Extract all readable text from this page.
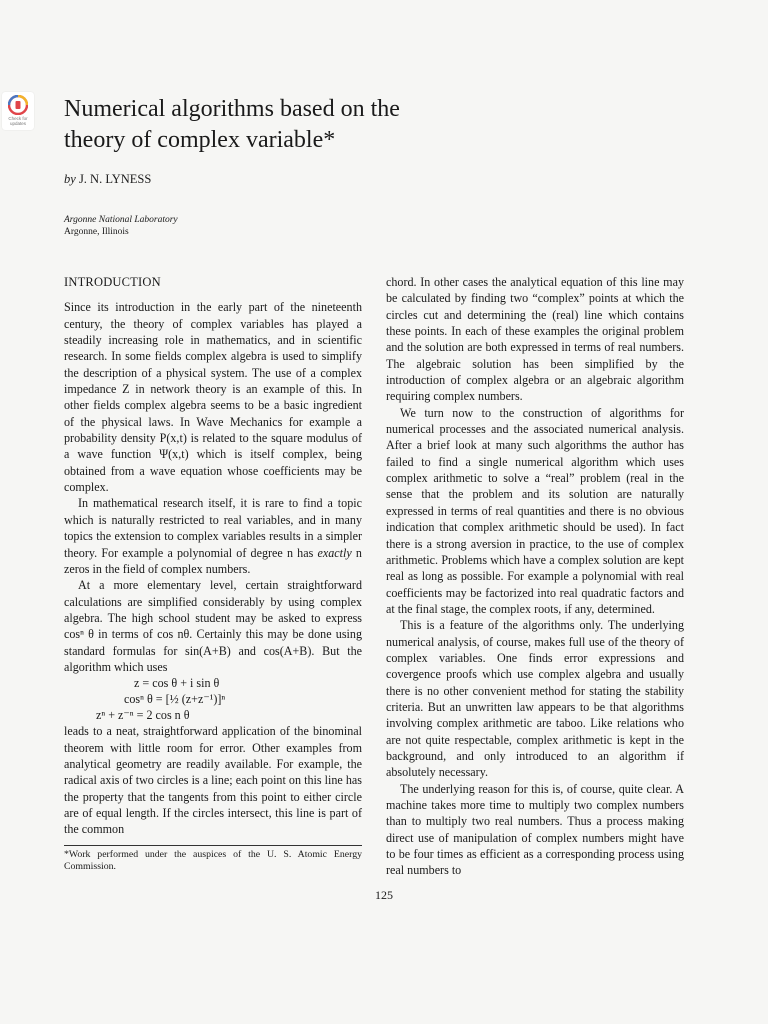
Check for updates
Numerical algorithms based on the theory of complex variable*
by J. N. LYNESS
Argonne National Laboratory
Argonne, Illinois
INTRODUCTION

Since its introduction in the early part of the nineteenth century, the theory of complex variables has played a steadily increasing role in mathematics, and in scientific research. In some fields complex algebra is used to simplify the description of a physical system. The use of a complex impedance Z in network theory is an example of this. In other fields complex algebra seems to be a basic ingredient of the physical laws. In Wave Mechanics for example a probability density P(x,t) is related to the square modulus of a wave function Ψ(x,t) which is itself complex, being obtained from a wave equation whose coefficients may be complex.

In mathematical research itself, it is rare to find a topic which is naturally restricted to real variables, and in many topics the extension to complex variables results in a simpler theory. For example a polynomial of degree n has exactly n zeros in the field of complex numbers.

At a more elementary level, certain straightforward calculations are simplified considerably by using complex algebra. The high school student may be asked to express cosⁿ θ in terms of cos nθ. Certainly this may be done using standard formulas for sin(A+B) and cos(A+B). But the algorithm which uses

z = cos θ + i sin θ
cosⁿ θ = [½ (z+z⁻¹)]ⁿ
zⁿ + z⁻ⁿ = 2 cos n θ

leads to a neat, straightforward application of the binominal theorem with little room for error. Other examples from analytical geometry are readily available. For example, the radical axis of two circles is a line; each point on this line has the property that the tangents from this point to either circle are of equal length. If the circles intersect, this line is part of the common

*Work performed under the auspices of the U. S. Atomic Energy Commission.

chord. In other cases the analytical equation of this line may be calculated by finding two “complex” points at which the circles cut and determining the (real) line which contains these points. In each of these examples the original problem and the solution are both expressed in terms of real numbers. The algebraic solution has been simplified by the introduction of complex algebra or an algebraic algorithm requiring complex numbers.

We turn now to the construction of algorithms for numerical processes and the associated numerical analysis. After a brief look at many such algorithms the author has failed to find a single numerical algorithm which uses complex arithmetic to solve a “real” problem (real in the sense that the problem and its solution are naturally expressed in terms of real quantities and there is no obvious indication that complex arithmetic should be used). In fact there is a strong aversion in practice, to the use of complex arithmetic. Problems which have a complex solution are kept real as long as possible. For example a polynomial with real coefficients may be factorized into real quadratic factors and at the final stage, the complex roots, if any, determined.

This is a feature of the algorithms only. The underlying numerical analysis, of course, makes full use of the theory of complex variables. One finds error expressions and covergence proofs which use complex algebra and usually there is no other convenient method for stating the stability criteria. But an unwritten law appears to be that algorithms involving complex arithmetic are taboo. Like relations who are not quite respectable, complex arithmetic is kept in the background, and only introduced to an algorithm if absolutely necessary.

The underlying reason for this is, of course, quite clear. A machine takes more time to multiply two complex numbers than to multiply two real numbers. Thus a process making direct use of manipulation of complex numbers might have to be four times as efficient as a corresponding process using real numbers to

125
